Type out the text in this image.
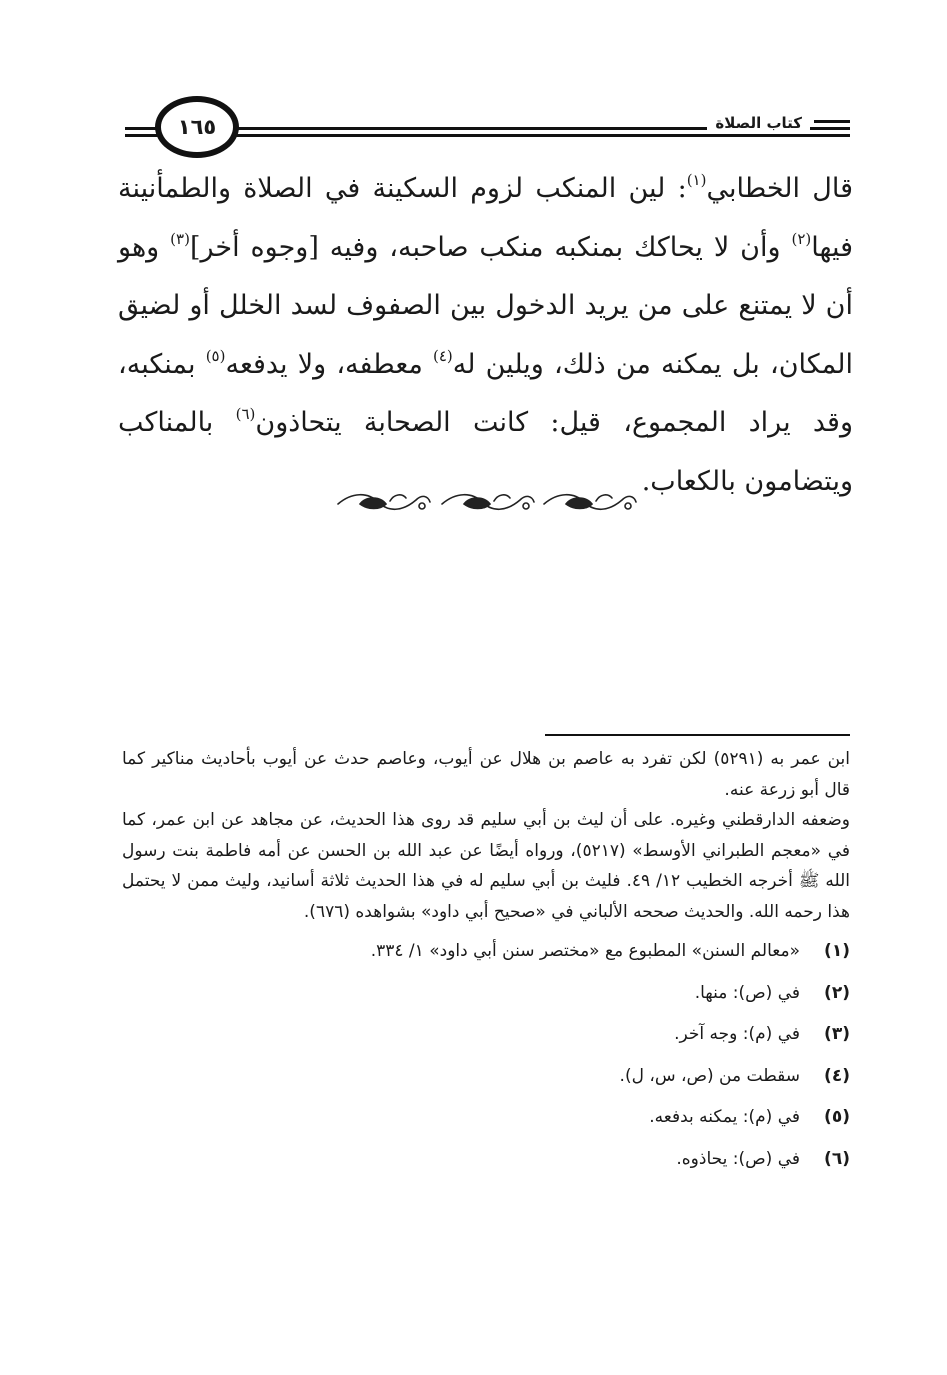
كتاب الصلاة
١٦٥

قال الخطابي$^{(١)}$: لين المنكب لزوم السكينة في الصلاة والطمأنينة فيها$^{(٢)}$ وأن لا يحاكك بمنكبه منكب صاحبه، وفيه [وجوه أخر]$^{(٣)}$ وهو أن لا يمتنع على من يريد الدخول بين الصفوف لسد الخلل أو لضيق المكان، بل يمكنه من ذلك، ويلين له$^{(٤)}$ معطفه، ولا يدفعه$^{(٥)}$ بمنكبه، وقد يراد المجموع، قيل: كانت الصحابة يتحاذون$^{(٦)}$ بالمناكب ويتضامون بالكعاب.

ابن عمر به (٥٢٩١) لكن تفرد به عاصم بن هلال عن أيوب، وعاصم حدث عن أيوب بأحاديث مناكير كما قال أبو زرعة عنه.

وضعفه الدارقطني وغيره. على أن ليث بن أبي سليم قد روى هذا الحديث، عن مجاهد عن ابن عمر، كما في «معجم الطبراني الأوسط» (٥٢١٧)، ورواه أيضًا عن عبد الله بن الحسن عن أمه فاطمة بنت رسول الله ﷺ أخرجه الخطيب ١٢/ ٤٩. فليث بن أبي سليم له في هذا الحديث ثلاثة أسانيد، وليث ممن لا يحتمل هذا رحمه الله. والحديث صححه الألباني في «صحيح أبي داود» بشواهده (٦٧٦).

(١)
«معالم السنن» المطبوع مع «مختصر سنن أبي داود» ١/ ٣٣٤.
(٢)
في (ص): منها.
(٣)
في (م): وجه آخر.
(٤)
سقطت من (ص، س، ل).
(٥)
في (م): يمكنه بدفعه.
(٦)
في (ص): يحاذوه.
